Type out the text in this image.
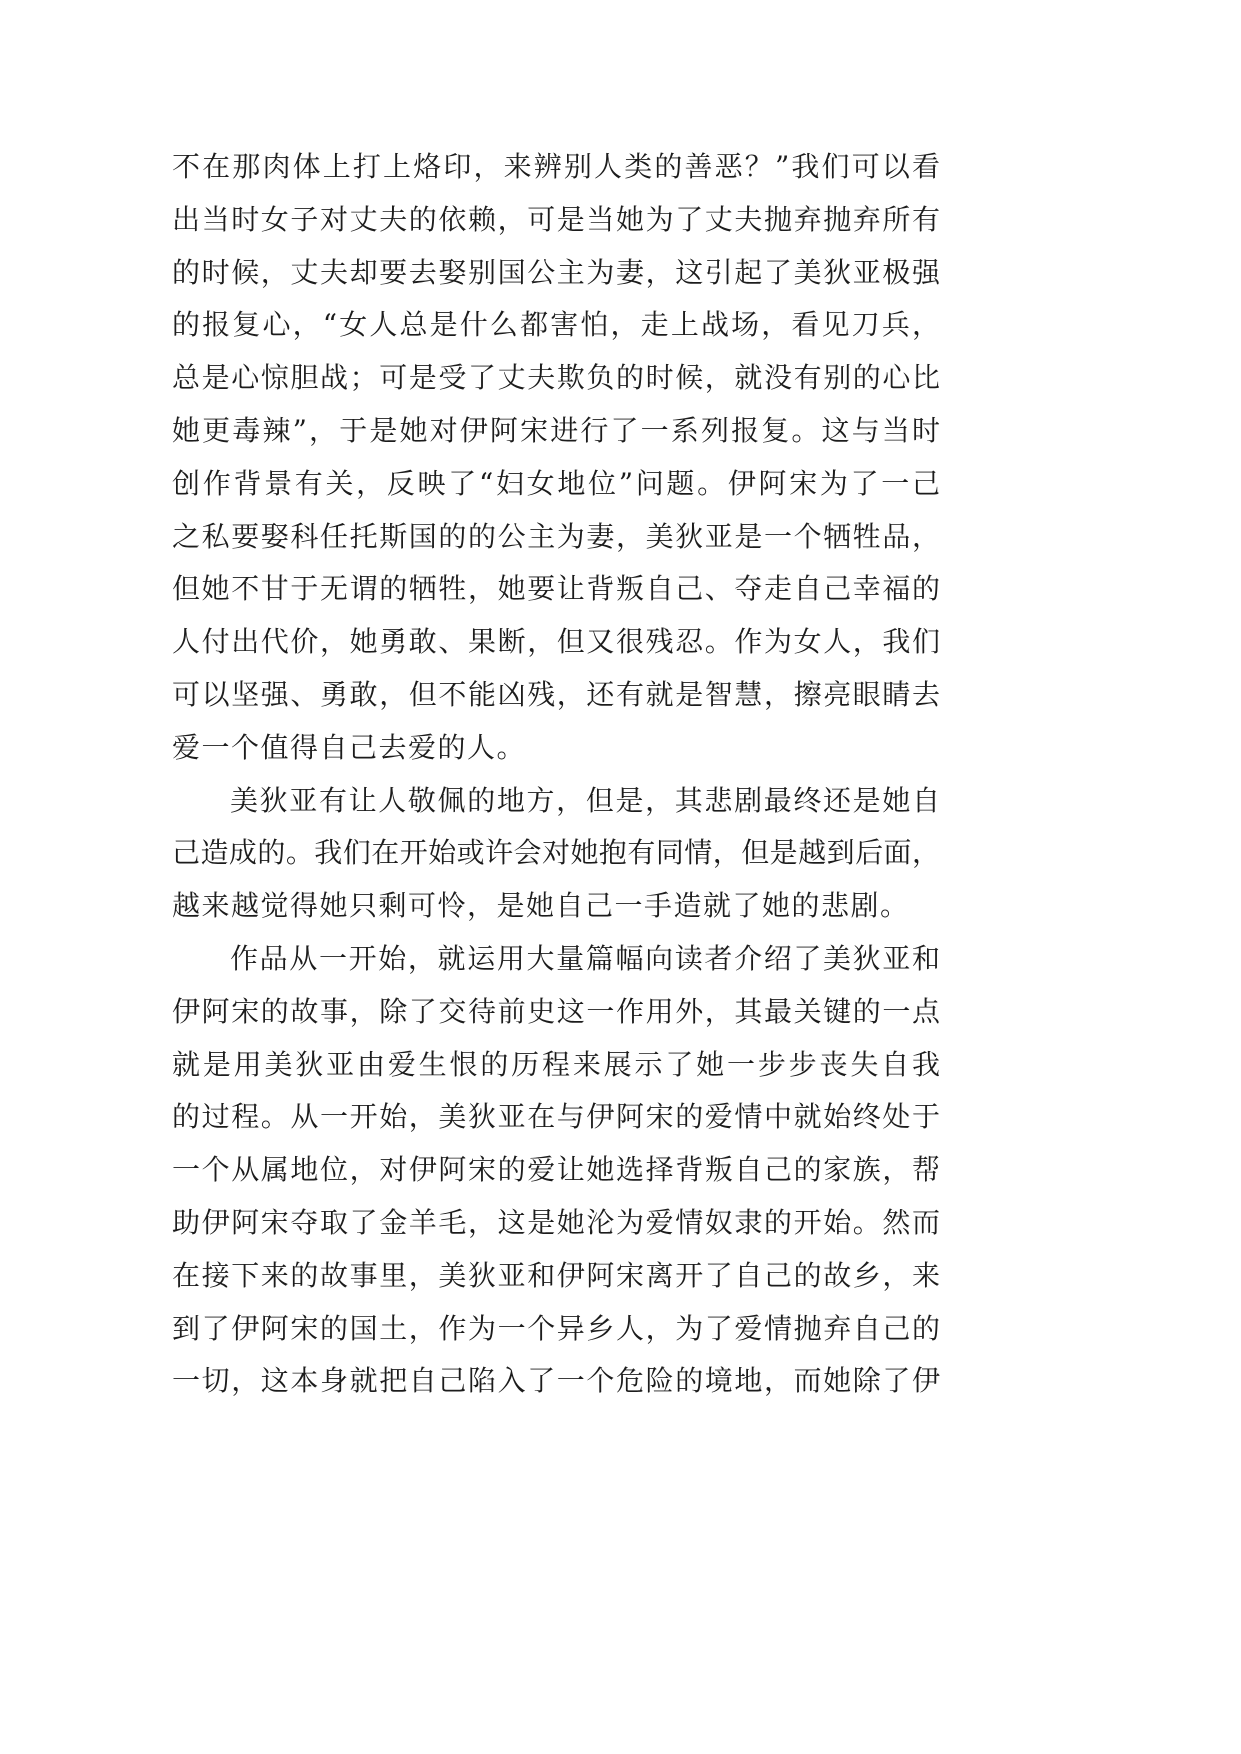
不在那肉体上打上烙印，来辨别人类的善恶？”我们可以看
出当时女子对丈夫的依赖，可是当她为了丈夫抛弃抛弃所有
的时候，丈夫却要去娶别国公主为妻，这引起了美狄亚极强
的报复心，“女人总是什么都害怕，走上战场，看见刀兵，
总是心惊胆战；可是受了丈夫欺负的时候，就没有别的心比
她更毒辣”，于是她对伊阿宋进行了一系列报复。这与当时
创作背景有关，反映了“妇女地位”问题。伊阿宋为了一己
之私要娶科任托斯国的的公主为妻，美狄亚是一个牺牲品，
但她不甘于无谓的牺牲，她要让背叛自己、夺走自己幸福的
人付出代价，她勇敢、果断，但又很残忍。作为女人，我们
可以坚强、勇敢，但不能凶残，还有就是智慧，擦亮眼睛去
爱一个值得自己去爱的人。
美狄亚有让人敬佩的地方，但是，其悲剧最终还是她自
己造成的。我们在开始或许会对她抱有同情，但是越到后面，
越来越觉得她只剩可怜，是她自己一手造就了她的悲剧。
作品从一开始，就运用大量篇幅向读者介绍了美狄亚和
伊阿宋的故事，除了交待前史这一作用外，其最关键的一点
就是用美狄亚由爱生恨的历程来展示了她一步步丧失自我
的过程。从一开始，美狄亚在与伊阿宋的爱情中就始终处于
一个从属地位，对伊阿宋的爱让她选择背叛自己的家族，帮
助伊阿宋夺取了金羊毛，这是她沦为爱情奴隶的开始。然而
在接下来的故事里，美狄亚和伊阿宋离开了自己的故乡，来
到了伊阿宋的国土，作为一个异乡人，为了爱情抛弃自己的
一切，这本身就把自己陷入了一个危险的境地，而她除了伊
